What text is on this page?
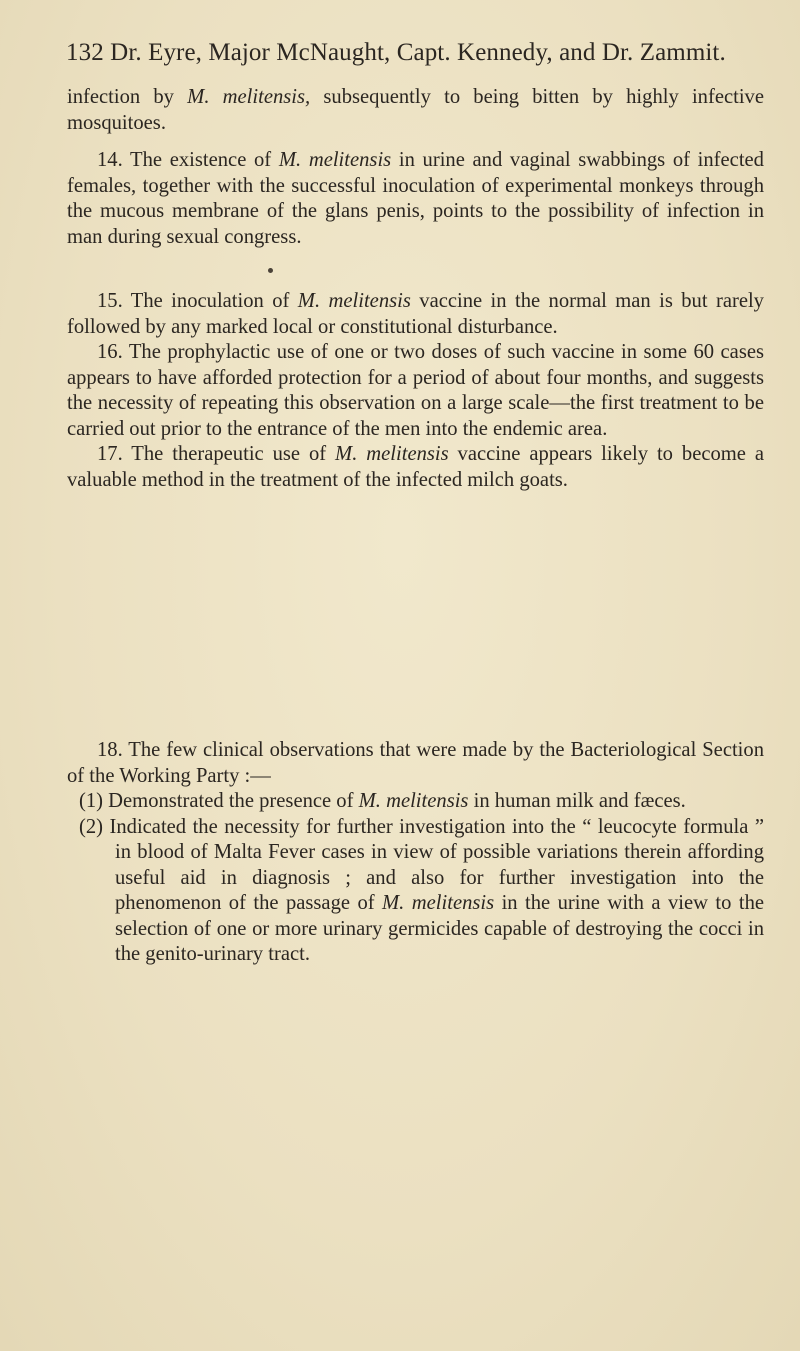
132 Dr. Eyre, Major McNaught, Capt. Kennedy, and Dr. Zammit.

infection by M. melitensis, subsequently to being bitten by highly infective mosquitoes.

14. The existence of M. melitensis in urine and vaginal swabbings of infected females, together with the successful inoculation of experimental monkeys through the mucous membrane of the glans penis, points to the possibility of infection in man during sexual congress.

15. The inoculation of M. melitensis vaccine in the normal man is but rarely followed by any marked local or constitutional disturbance.

16. The prophylactic use of one or two doses of such vaccine in some 60 cases appears to have afforded protection for a period of about four months, and suggests the necessity of repeating this observation on a large scale—the first treatment to be carried out prior to the entrance of the men into the endemic area.

17. The therapeutic use of M. melitensis vaccine appears likely to become a valuable method in the treatment of the infected milch goats.

18. The few clinical observations that were made by the Bacteriological Section of the Working Party :—

(1) Demonstrated the presence of M. melitensis in human milk and fæces.

(2) Indicated the necessity for further investigation into the “ leucocyte formula ” in blood of Malta Fever cases in view of possible variations therein affording useful aid in diagnosis ; and also for further investigation into the phenomenon of the passage of M. melitensis in the urine with a view to the selection of one or more urinary germicides capable of destroying the cocci in the genito-urinary tract.
